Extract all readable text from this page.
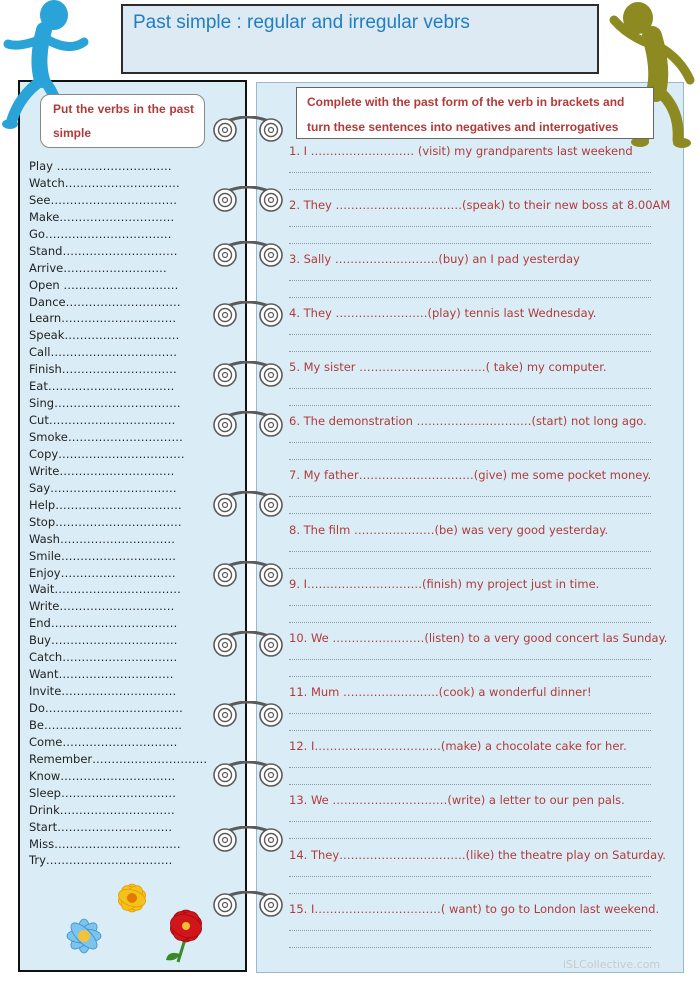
Past simple : regular and irregular vebrs
Put the verbs in the past simple
Complete with the past form of the verb in brackets and
turn these sentences into negatives and interrogatives
Play …………………………
Watch…………………………
See……………………………
Make…………………………
Go……………………………
Stand…………………………
Arrive………………………
Open …………………………
Dance…………………………
Learn…………………………
Speak…………………………
Call……………………………
Finish…………………………
Eat……………………………
Sing……………………………
Cut……………………………
Smoke…………………………
Copy……………………………
Write…………………………
Say……………………………
Help……………………………
Stop……………………………
Wash…………………………
Smile…………………………
Enjoy…………………………
Wait……………………………
Write…………………………
End……………………………
Buy……………………………
Catch…………………………
Want…………………………
Invite…………………………
Do………………………………
Be………………………………
Come…………………………
Remember…………………………
Know…………………………
Sleep…………………………
Drink…………………………
Start…………………………
Miss……………………………
Try……………………………
1. I ……………………… (visit) my grandparents last weekend
2. They ……………………………(speak) to their new boss at 8.00AM
3. Sally ………………………(buy) an I pad yesterday
4. They ……………………(play) tennis last Wednesday.
5. My sister ……………………………( take) my computer.
6. The demonstration …………………………(start) not long ago.
7. My father…………………………(give) me some pocket money.
8. The film …………………(be) was very good yesterday.
9. I…………………………(finish) my project just in time.
10. We ……………………(listen) to a very good concert las Sunday.
11. Mum …………………….(cook) a wonderful dinner!
12. I……………………………(make) a chocolate cake for her.
13. We …………………………(write) a letter to our pen pals.
14. They……………………………(like) the theatre play on Saturday.
15. I……………………………( want) to go to London last weekend.
iSLCollective.com
